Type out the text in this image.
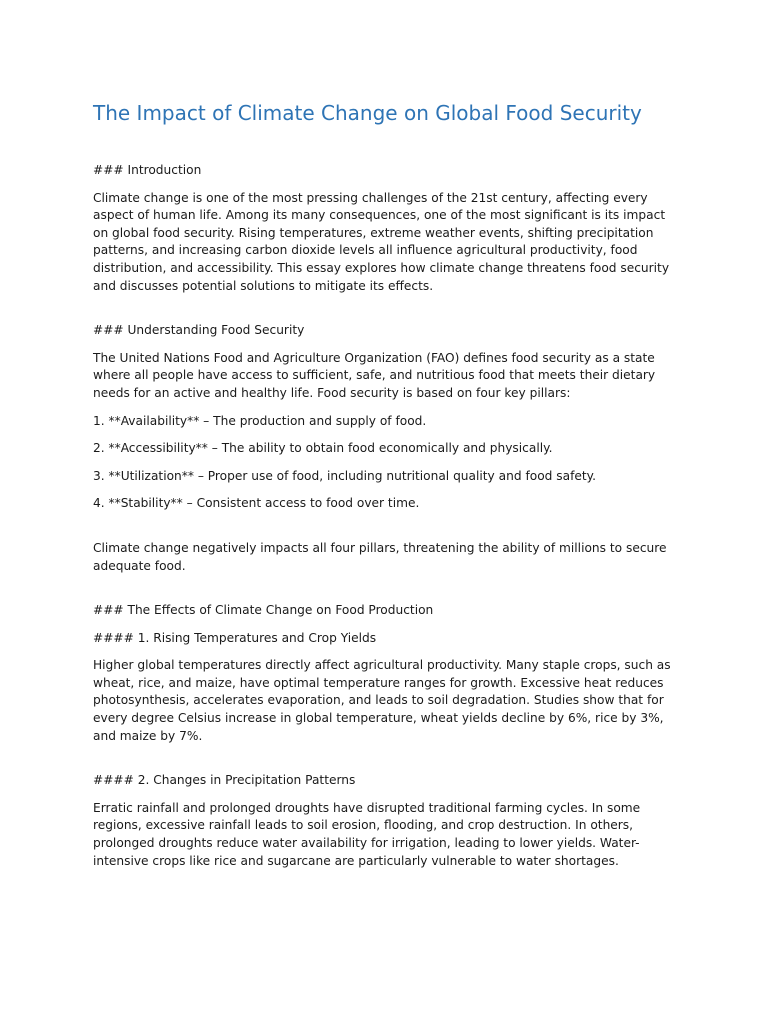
The Impact of Climate Change on Global Food Security

### Introduction

Climate change is one of the most pressing challenges of the 21st century, affecting every aspect of human life. Among its many consequences, one of the most significant is its impact on global food security. Rising temperatures, extreme weather events, shifting precipitation patterns, and increasing carbon dioxide levels all influence agricultural productivity, food distribution, and accessibility. This essay explores how climate change threatens food security and discusses potential solutions to mitigate its effects.

### Understanding Food Security

The United Nations Food and Agriculture Organization (FAO) defines food security as a state where all people have access to sufficient, safe, and nutritious food that meets their dietary needs for an active and healthy life. Food security is based on four key pillars:

1. **Availability** – The production and supply of food.

2. **Accessibility** – The ability to obtain food economically and physically.

3. **Utilization** – Proper use of food, including nutritional quality and food safety.

4. **Stability** – Consistent access to food over time.

Climate change negatively impacts all four pillars, threatening the ability of millions to secure adequate food.

### The Effects of Climate Change on Food Production

#### 1. Rising Temperatures and Crop Yields

Higher global temperatures directly affect agricultural productivity. Many staple crops, such as wheat, rice, and maize, have optimal temperature ranges for growth. Excessive heat reduces photosynthesis, accelerates evaporation, and leads to soil degradation. Studies show that for every degree Celsius increase in global temperature, wheat yields decline by 6%, rice by 3%, and maize by 7%.

#### 2. Changes in Precipitation Patterns

Erratic rainfall and prolonged droughts have disrupted traditional farming cycles. In some regions, excessive rainfall leads to soil erosion, flooding, and crop destruction. In others, prolonged droughts reduce water availability for irrigation, leading to lower yields. Water-intensive crops like rice and sugarcane are particularly vulnerable to water shortages.
